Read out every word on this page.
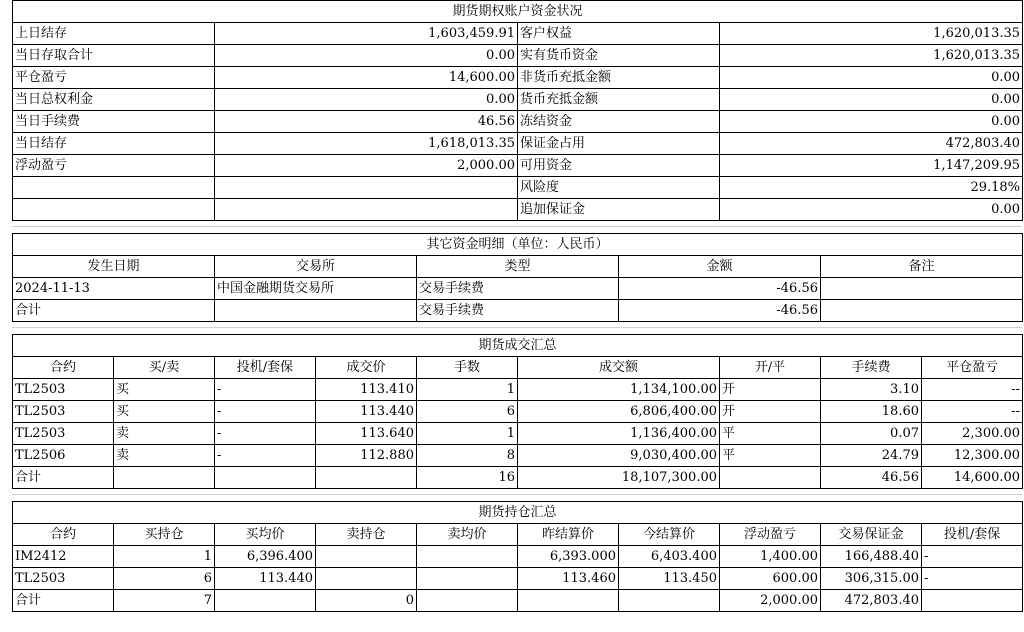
期货期权账户资金状况			
上日结存	1,603,459.91	客户权益	1,620,013.35
当日存取合计	0.00	实有货币资金	1,620,013.35
平仓盈亏	14,600.00	非货币充抵金额	0.00
当日总权利金	0.00	货币充抵金额	0.00
当日手续费	46.56	冻结资金	0.00
当日结存	1,618,013.35	保证金占用	472,803.40
浮动盈亏	2,000.00	可用资金	1,147,209.95
		风险度	29.18%
		追加保证金	0.00
其它资金明细（单位：人民币）				
发生日期	交易所	类型	金额	备注
2024-11-13	中国金融期货交易所	交易手续费	-46.56	
合计		交易手续费	-46.56	
期货成交汇总								
合约	买/卖	投机/套保	成交价	手数	成交额	开/平	手续费	平仓盈亏
TL2503	买	-	113.410	1	1,134,100.00	开	3.10	--
TL2503	买	-	113.440	6	6,806,400.00	开	18.60	--
TL2503	卖	-	113.640	1	1,136,400.00	平	0.07	2,300.00
TL2506	卖	-	112.880	8	9,030,400.00	平	24.79	12,300.00
合计				16	18,107,300.00		46.56	14,600.00
期货持仓汇总									
合约	买持仓	买均价	卖持仓	卖均价	昨结算价	今结算价	浮动盈亏	交易保证金	投机/套保
IM2412	1	6,396.400			6,393.000	6,403.400	1,400.00	166,488.40	-
TL2503	6	113.440			113.460	113.450	600.00	306,315.00	-
合计	7		0				2,000.00	472,803.40	
